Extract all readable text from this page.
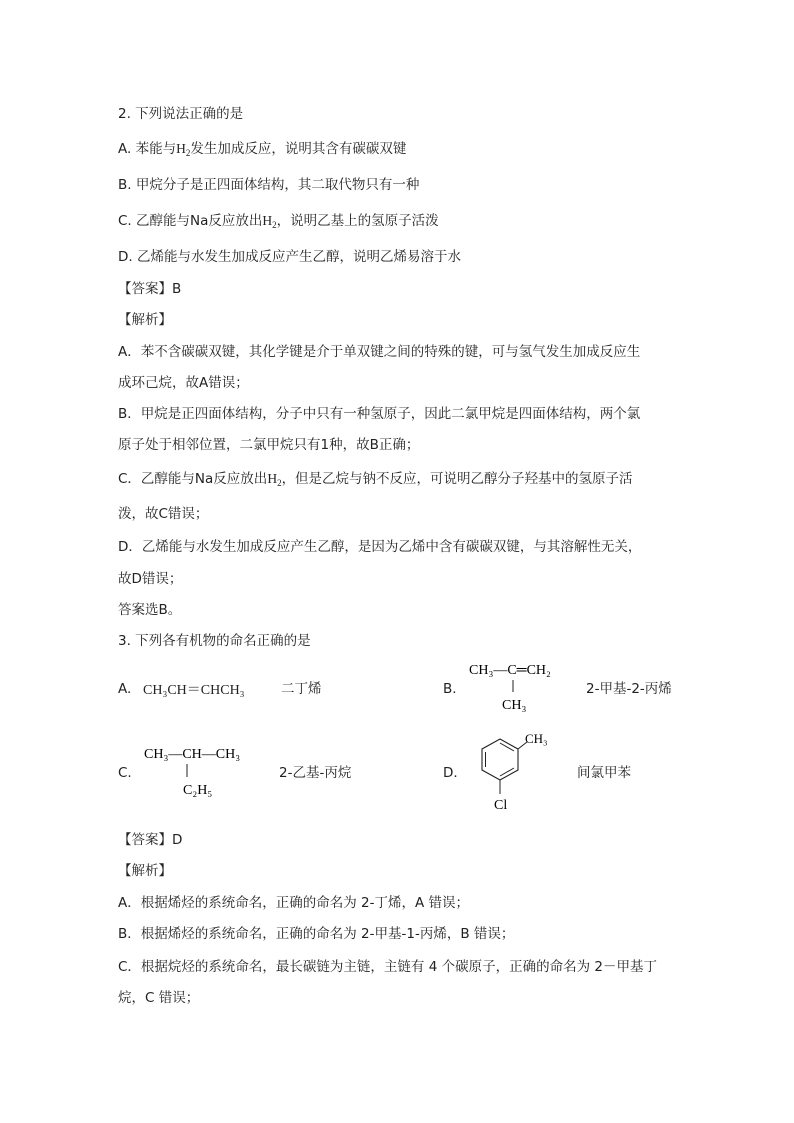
2. 下列说法正确的是
A. 苯能与$H_2$发生加成反应，说明其含有碳碳双键
B. 甲烷分子是正四面体结构，其二取代物只有一种
C. 乙醇能与Na反应放出$H_2$，说明乙基上的氢原子活泼
D. 乙烯能与水发生加成反应产生乙醇，说明乙烯易溶于水
【答案】B
【解析】
A．苯不含碳碳双键，其化学键是介于单双键之间的特殊的键，可与氢气发生加成反应生
成环己烷，故A错误；
B．甲烷是正四面体结构，分子中只有一种氢原子，因此二氯甲烷是四面体结构，两个氯
原子处于相邻位置，二氯甲烷只有1种，故B正确；
C．乙醇能与Na反应放出$H_2$，但是乙烷与钠不反应，可说明乙醇分子羟基中的氢原子活
泼，故C错误；
D．乙烯能与水发生加成反应产生乙醇，是因为乙烯中含有碳碳双键，与其溶解性无关，
故D错误；
答案选B。
3. 下列各有机物的命名正确的是
A. CH₃CH＝CHCH₃	二丁烯	B.
CH₃—C═CH₂
CH₃
2-甲基-2-丙烯
C.
CH₃—CH—CH₃
C₂H₅
2-乙基-丙烷	D.
CH₃
Cl
间氯甲苯
【答案】D
【解析】
A．根据烯烃的系统命名，正确的命名为 2-丁烯，A 错误；
B．根据烯烃的系统命名，正确的命名为 2-甲基-1-丙烯，B 错误；
C．根据烷烃的系统命名，最长碳链为主链，主链有 4 个碳原子，正确的命名为 2－甲基丁
烷，C 错误；
